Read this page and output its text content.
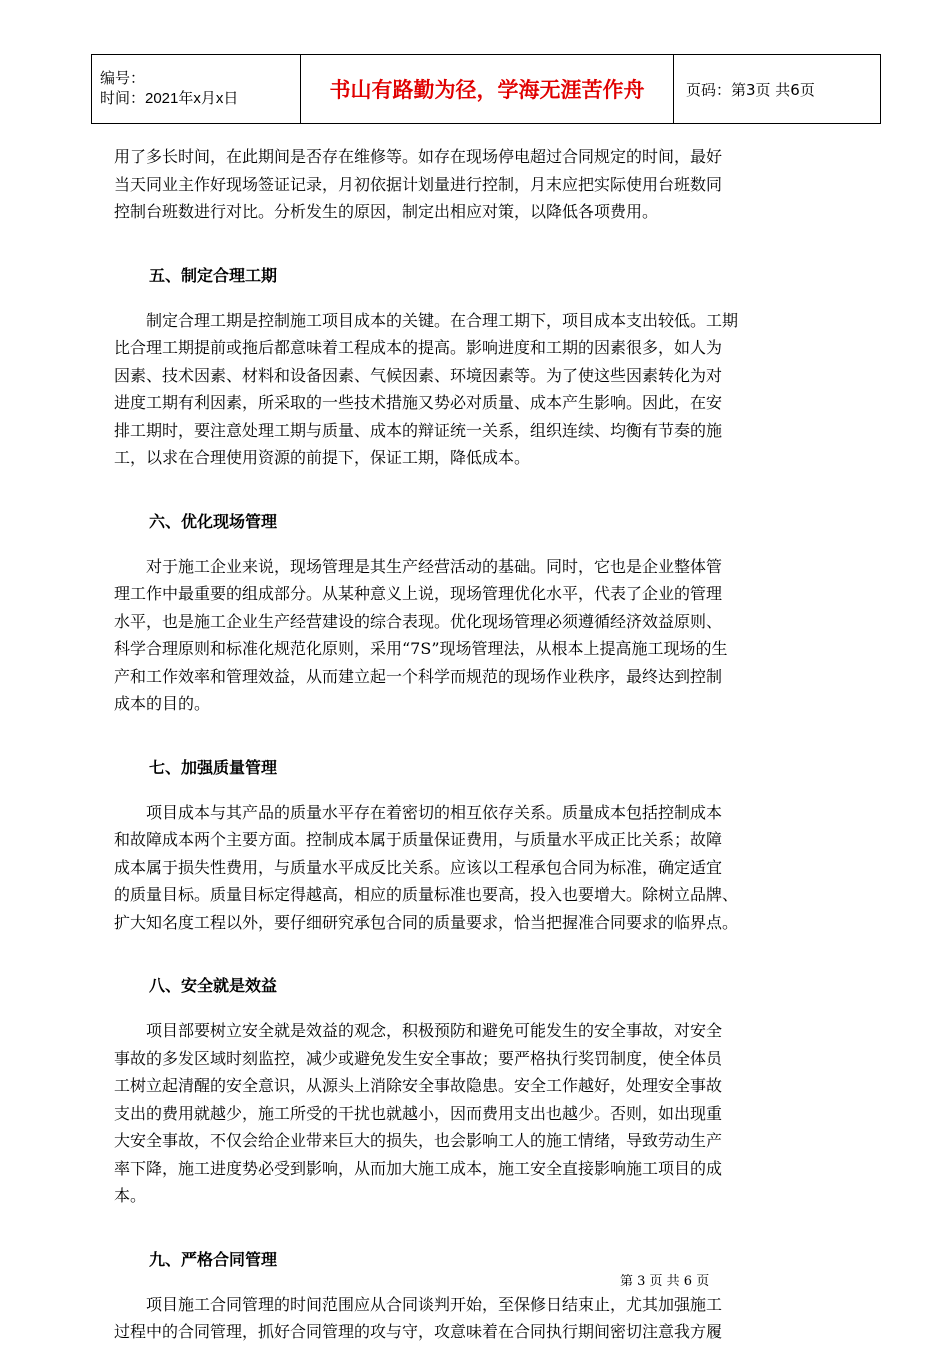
编号：
时间：2021年x月x日	书山有路勤为径，学海无涯苦作舟	页码：第3页 共6页
用了多长时间，在此期间是否存在维修等。如存在现场停电超过合同规定的时间，最好
当天同业主作好现场签证记录，月初依据计划量进行控制，月末应把实际使用台班数同
控制台班数进行对比。分析发生的原因，制定出相应对策，以降低各项费用。
五、制定合理工期
　　制定合理工期是控制施工项目成本的关键。在合理工期下，项目成本支出较低。工期
比合理工期提前或拖后都意味着工程成本的提高。影响进度和工期的因素很多，如人为
因素、技术因素、材料和设备因素、气候因素、环境因素等。为了使这些因素转化为对
进度工期有利因素，所采取的一些技术措施又势必对质量、成本产生影响。因此，在安
排工期时，要注意处理工期与质量、成本的辩证统一关系，组织连续、均衡有节奏的施
工，以求在合理使用资源的前提下，保证工期，降低成本。
六、优化现场管理
　　对于施工企业来说，现场管理是其生产经营活动的基础。同时，它也是企业整体管
理工作中最重要的组成部分。从某种意义上说，现场管理优化水平，代表了企业的管理
水平，也是施工企业生产经营建设的综合表现。优化现场管理必须遵循经济效益原则、
科学合理原则和标准化规范化原则，采用“7S”现场管理法，从根本上提高施工现场的生
产和工作效率和管理效益，从而建立起一个科学而规范的现场作业秩序，最终达到控制
成本的目的。
七、加强质量管理
　　项目成本与其产品的质量水平存在着密切的相互依存关系。质量成本包括控制成本
和故障成本两个主要方面。控制成本属于质量保证费用，与质量水平成正比关系；故障
成本属于损失性费用，与质量水平成反比关系。应该以工程承包合同为标准，确定适宜
的质量目标。质量目标定得越高，相应的质量标准也要高，投入也要增大。除树立品牌、
扩大知名度工程以外，要仔细研究承包合同的质量要求，恰当把握准合同要求的临界点。
八、安全就是效益
　　项目部要树立安全就是效益的观念，积极预防和避免可能发生的安全事故，对安全
事故的多发区域时刻监控，减少或避免发生安全事故；要严格执行奖罚制度，使全体员
工树立起清醒的安全意识，从源头上消除安全事故隐患。安全工作越好，处理安全事故
支出的费用就越少，施工所受的干扰也就越小，因而费用支出也越少。否则，如出现重
大安全事故，不仅会给企业带来巨大的损失，也会影响工人的施工情绪，导致劳动生产
率下降，施工进度势必受到影响，从而加大施工成本，施工安全直接影响施工项目的成
本。
九、严格合同管理
　　项目施工合同管理的时间范围应从合同谈判开始，至保修日结束止，尤其加强施工
过程中的合同管理，抓好合同管理的攻与守，攻意味着在合同执行期间密切注意我方履
第 3 页 共 6 页
